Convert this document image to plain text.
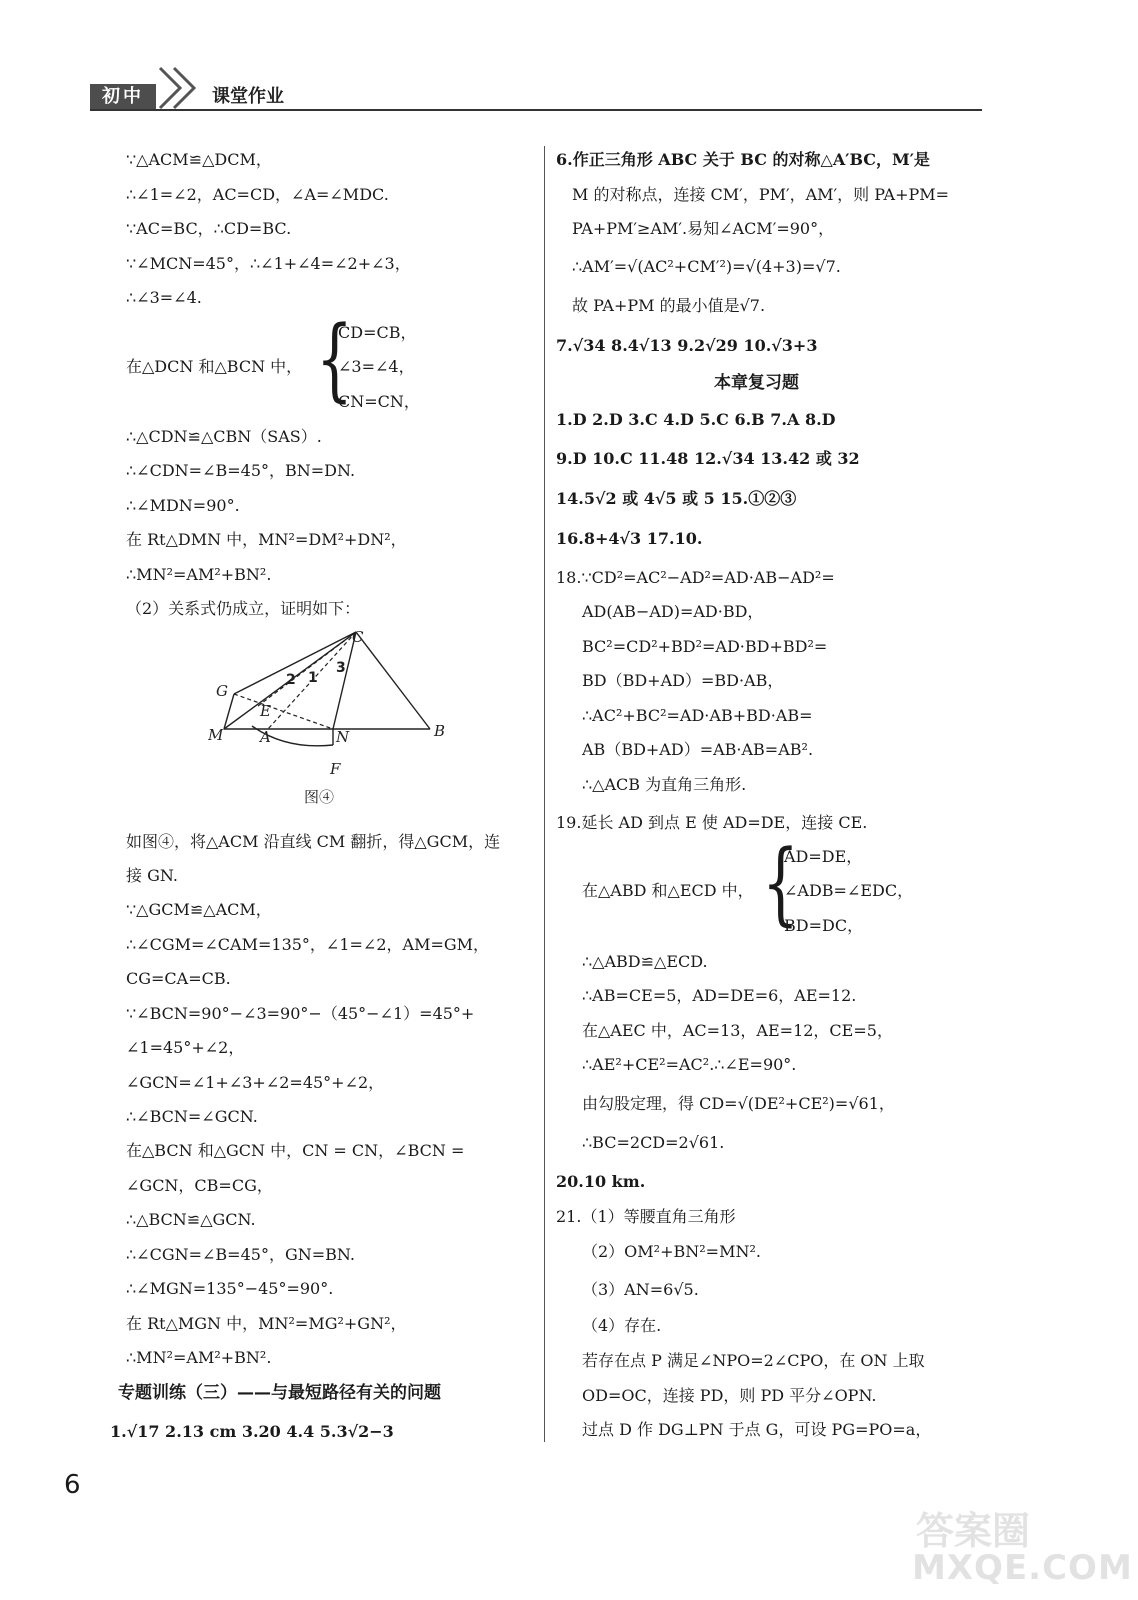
初中	课堂作业
∵△ACM≌△DCM，
∴∠1=∠2，AC=CD，∠A=∠MDC.
∵AC=BC，∴CD=BC.
∵∠MCN=45°，∴∠1+∠4=∠2+∠3，
∴∠3=∠4.
在△DCN 和△BCN 中， {
CD=CB，
∠3=∠4，
CN=CN，
∴△CDN≌△CBN（SAS）.
∴∠CDN=∠B=45°，BN=DN.
∴∠MDN=90°.
在 Rt△DMN 中，MN²=DM²+DN²，
∴MN²=AM²+BN².
（2）关系式仍成立，证明如下：
如图④，将△ACM 沿直线 CM 翻折，得△GCM，连
接 GN.
∵△GCM≌△ACM，
∴∠CGM=∠CAM=135°，∠1=∠2，AM=GM，
CG=CA=CB.
∵∠BCN=90°−∠3=90°−（45°−∠1）=45°+
∠1=45°+∠2，
∠GCN=∠1+∠3+∠2=45°+∠2，
∴∠BCN=∠GCN.
在△BCN 和△GCN 中，CN = CN，∠BCN =
∠GCN，CB=CG，
∴△BCN≌△GCN.
∴∠CGN=∠B=45°，GN=BN.
∴∠MGN=135°−45°=90°.
在 Rt△MGN 中，MN²=MG²+GN²，
∴MN²=AM²+BN².
专题训练（三）——与最短路径有关的问题
1.√17 2.13 cm 3.20 4.4 5.3√2−3
C
G
M A
E
N	B
F
1
2
3
图④
6.作正三角形 ABC 关于 BC 的对称△A′BC，M′是
M 的对称点，连接 CM′，PM′，AM′，则 PA+PM=
PA+PM′≥AM′.易知∠ACM′=90°，
∴AM′=√(AC²+CM′²)=√(4+3)=√7.
故 PA+PM 的最小值是√7.
7.√34 8.4√13 9.2√29 10.√3+3
本章复习题
1.D 2.D 3.C 4.D 5.C 6.B 7.A 8.D
9.D 10.C 11.48 12.√34 13.42 或 32
14.5√2 或 4√5 或 5 15.①②③
16.8+4√3 17.10.
18.∵CD²=AC²−AD²=AD·AB−AD²=
AD(AB−AD)=AD·BD，
BC²=CD²+BD²=AD·BD+BD²=
BD（BD+AD）=BD·AB，
∴AC²+BC²=AD·AB+BD·AB=
AB（BD+AD）=AB·AB=AB².
∴△ACB 为直角三角形.
19.延长 AD 到点 E 使 AD=DE，连接 CE.
在△ABD 和△ECD 中， {
AD=DE，
∠ADB=∠EDC，
BD=DC，
∴△ABD≌△ECD.
∴AB=CE=5，AD=DE=6，AE=12.
在△AEC 中，AC=13，AE=12，CE=5，
∴AE²+CE²=AC².∴∠E=90°.
由勾股定理，得 CD=√(DE²+CE²)=√61，
∴BC=2CD=2√61.
20.10 km.
21.（1）等腰直角三角形
（2）OM²+BN²=MN².
（3）AN=6√5.
（4）存在.
若存在点 P 满足∠NPO=2∠CPO，在 ON 上取
OD=OC，连接 PD，则 PD 平分∠OPN.
过点 D 作 DG⊥PN 于点 G，可设 PG=PO=a，
6
答案圈
MXQE.COM
